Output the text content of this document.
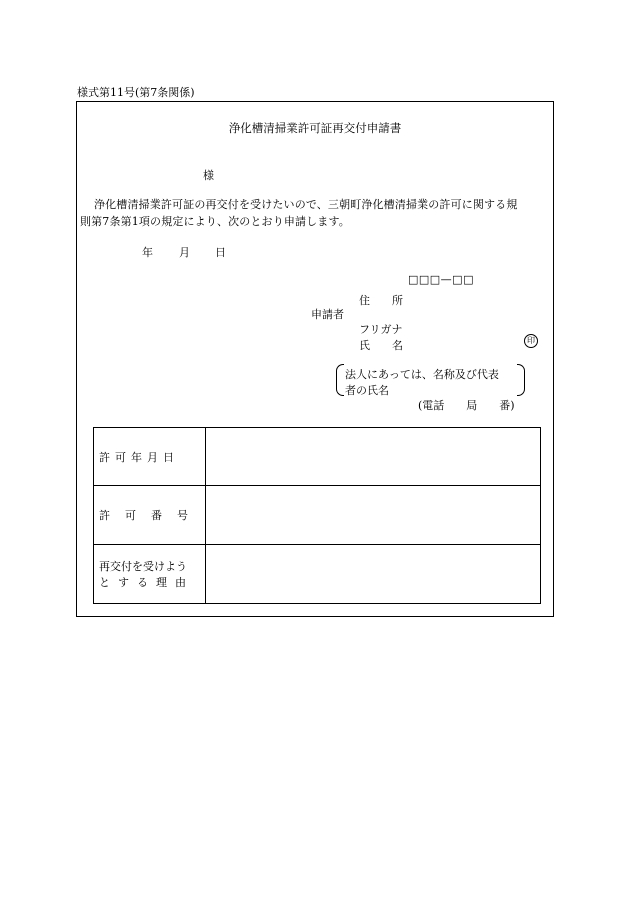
様式第11号(第7条関係)
浄化槽清掃業許可証再交付申請書
様
浄化槽清掃業許可証の再交付を受けたいので、三朝町浄化槽清掃業の許可に関する規
則第7条第1項の規定により、次のとおり申請します。
年 月 日
□□□—□□
住　　所
申請者
フリガナ
氏　　名	印
法人にあっては、名称及び代表
者の氏名
(電話　　局　　番)
許可年月日	
許可番号	

再交付を受けよう
とする理由	
